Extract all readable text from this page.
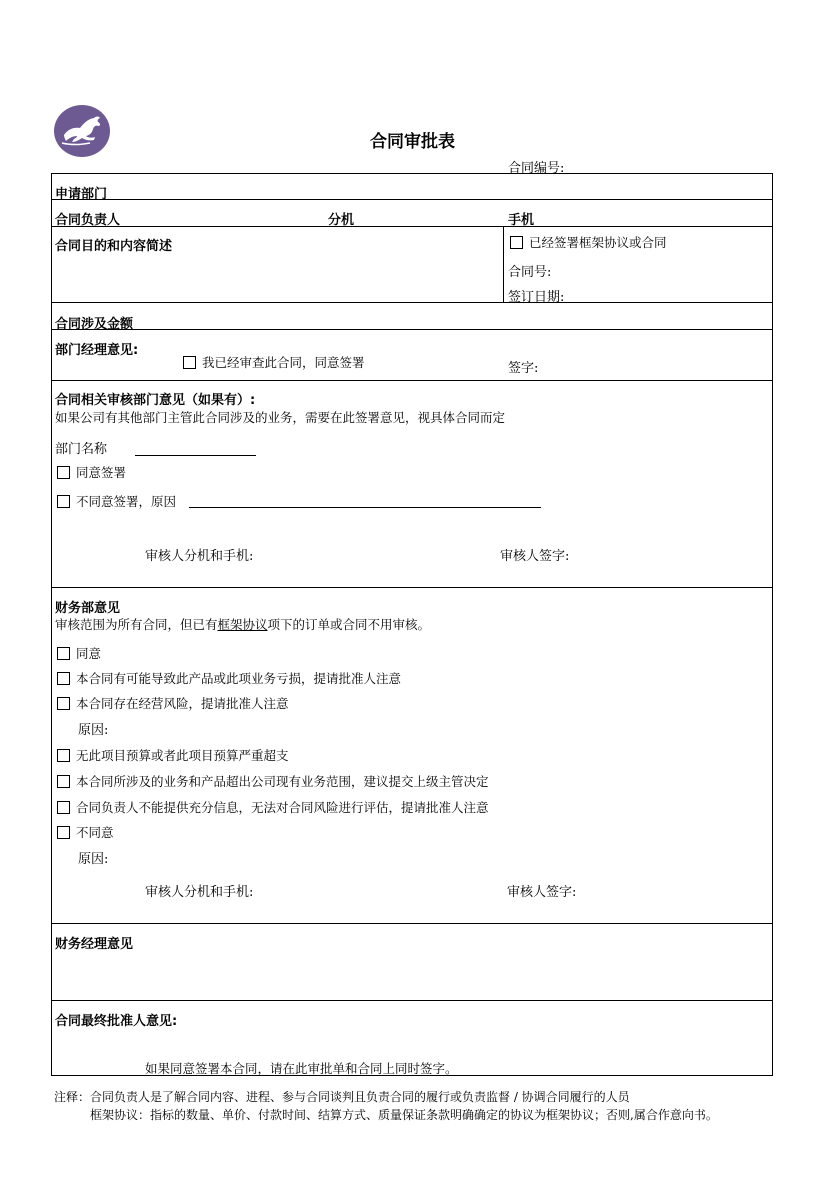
合同审批表
合同编号:
申请部门
合同负责人	分机	手机
合同目的和内容简述	已经签署框架协议或合同
合同号:
签订日期:
合同涉及金额
部门经理意见:
我已经审查此合同，同意签署	签字:
合同相关审核部门意见（如果有）:
如果公司有其他部门主管此合同涉及的业务，需要在此签署意见，视具体合同而定
部门名称
同意签署
不同意签署，原因
审核人分机和手机:	审核人签字:
财务部意见
审核范围为所有合同，但已有框架协议项下的订单或合同不用审核。
同意
本合同有可能导致此产品或此项业务亏损，提请批准人注意
本合同存在经营风险，提请批准人注意
原因:
无此项目预算或者此项目预算严重超支
本合同所涉及的业务和产品超出公司现有业务范围，建议提交上级主管决定
合同负责人不能提供充分信息，无法对合同风险进行评估，提请批准人注意
不同意
原因:
审核人分机和手机:	审核人签字:
财务经理意见
合同最终批准人意见:
如果同意签署本合同，请在此审批单和合同上同时签字。
注释：合同负责人是了解合同内容、进程、参与合同谈判且负责合同的履行或负责监督 / 协调合同履行的人员
框架协议：指标的数量、单价、付款时间、结算方式、质量保证条款明确确定的协议为框架协议；否则,属合作意向书。
